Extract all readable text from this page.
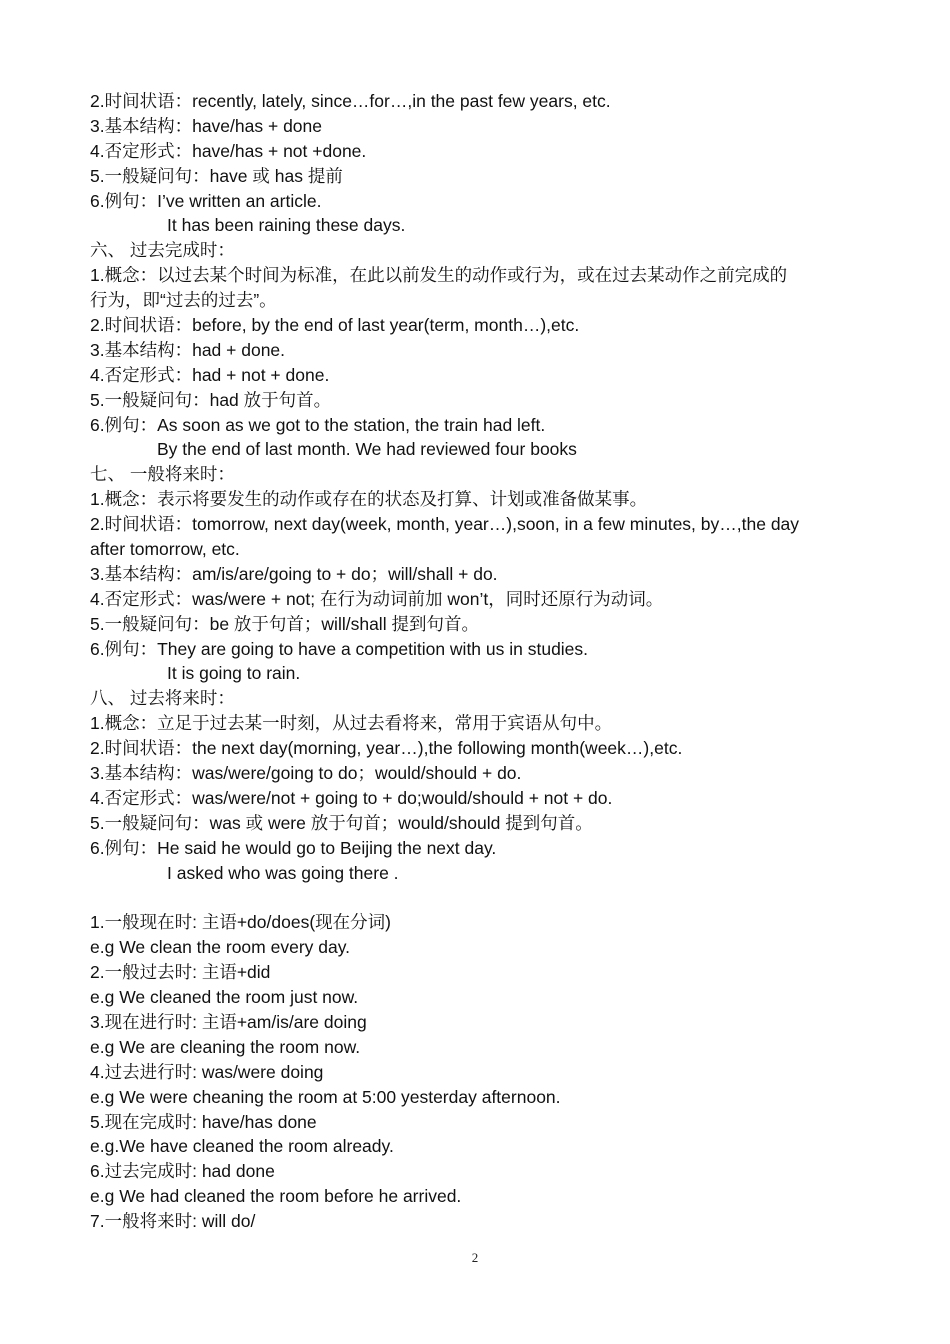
2.时间状语：recently, lately, since…for…,in the past few years, etc.
3.基本结构：have/has + done
4.否定形式：have/has + not +done.
5.一般疑问句：have 或 has 提前
6.例句：I’ve written an article.
It has been raining these days.
六、 过去完成时：
1.概念：以过去某个时间为标准，在此以前发生的动作或行为，或在过去某动作之前完成的
行为，即“过去的过去”。
2.时间状语：before, by the end of last year(term, month…),etc.
3.基本结构：had + done.
4.否定形式：had + not + done.
5.一般疑问句：had 放于句首。
6.例句：As soon as we got to the station, the train had left.
By the end of last month. We had reviewed four books
七、 一般将来时：
1.概念：表示将要发生的动作或存在的状态及打算、计划或准备做某事。
2.时间状语：tomorrow, next day(week, month, year…),soon, in a few minutes, by…,the day
after tomorrow, etc.
3.基本结构：am/is/are/going to + do；will/shall + do.
4.否定形式：was/were + not; 在行为动词前加 won’t，同时还原行为动词。
5.一般疑问句：be 放于句首；will/shall 提到句首。
6.例句：They are going to have a competition with us in studies.
It is going to rain.
八、 过去将来时：
1.概念：立足于过去某一时刻，从过去看将来，常用于宾语从句中。
2.时间状语：the next day(morning, year…),the following month(week…),etc.
3.基本结构：was/were/going to do；would/should + do.
4.否定形式：was/were/not + going to + do;would/should + not + do.
5.一般疑问句：was 或 were 放于句首；would/should 提到句首。
6.例句：He said he would go to Beijing the next day.
I asked who was going there .
1.一般现在时: 主语+do/does(现在分词)
e.g We clean the room every day.
2.一般过去时: 主语+did
e.g We cleaned the room just now.
3.现在进行时: 主语+am/is/are doing
e.g We are cleaning the room now.
4.过去进行时: was/were doing
e.g We were cheaning the room at 5:00 yesterday afternoon.
5.现在完成时: have/has done
e.g.We have cleaned the room already.
6.过去完成时: had done
e.g We had cleaned the room before he arrived.
7.一般将来时: will do/
2
